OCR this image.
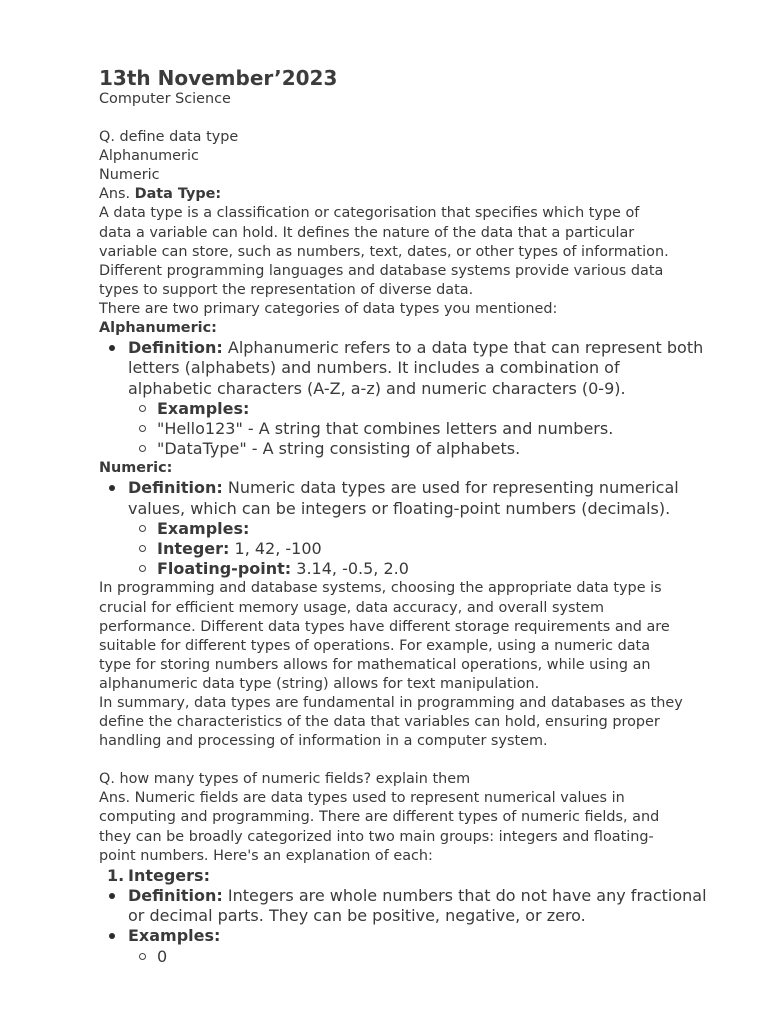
13th November’2023

Computer Science

Q. define data type

Alphanumeric

Numeric

Ans. Data Type:

A data type is a classification or categorisation that specifies which type of

data a variable can hold. It defines the nature of the data that a particular

variable can store, such as numbers, text, dates, or other types of information.

Different programming languages and database systems provide various data

types to support the representation of diverse data.

There are two primary categories of data types you mentioned:

Alphanumeric:

Definition: Alphanumeric refers to a data type that can represent both
letters (alphabets) and numbers. It includes a combination of
alphabetic characters (A-Z, a-z) and numeric characters (0-9).
Examples:
"Hello123" - A string that combines letters and numbers.
"DataType" - A string consisting of alphabets.

Numeric:

Definition: Numeric data types are used for representing numerical
values, which can be integers or floating-point numbers (decimals).
Examples:
Integer: 1, 42, -100
Floating-point: 3.14, -0.5, 2.0

In programming and database systems, choosing the appropriate data type is

crucial for efficient memory usage, data accuracy, and overall system

performance. Different data types have different storage requirements and are

suitable for different types of operations. For example, using a numeric data

type for storing numbers allows for mathematical operations, while using an

alphanumeric data type (string) allows for text manipulation.

In summary, data types are fundamental in programming and databases as they

define the characteristics of the data that variables can hold, ensuring proper

handling and processing of information in a computer system.

Q. how many types of numeric fields? explain them

Ans. Numeric fields are data types used to represent numerical values in

computing and programming. There are different types of numeric fields, and

they can be broadly categorized into two main groups: integers and floating-

point numbers. Here's an explanation of each:

1. Integers:
Definition: Integers are whole numbers that do not have any fractional
or decimal parts. They can be positive, negative, or zero.
Examples:
0
